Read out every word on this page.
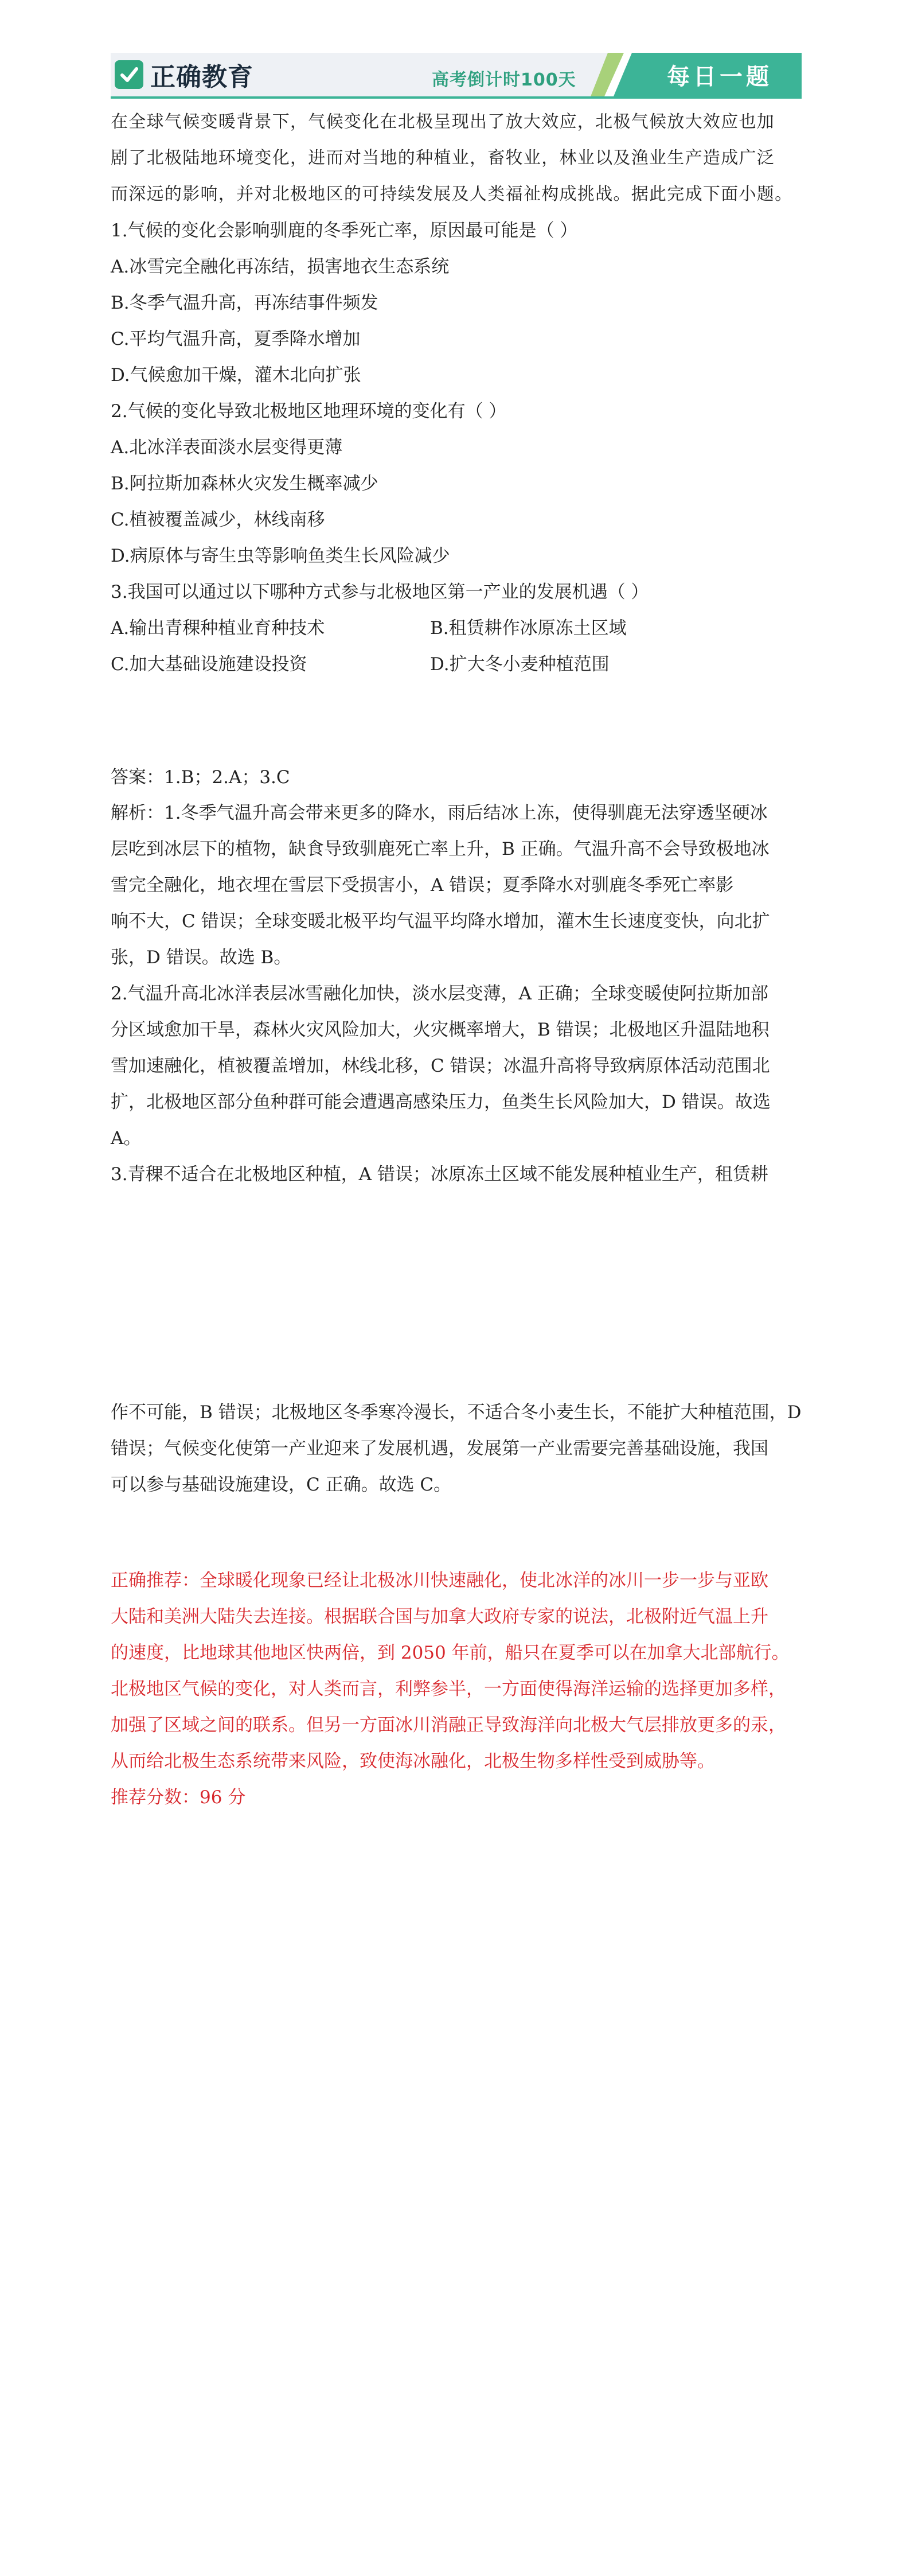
正确教育	高考倒计时100天	每日一题
在全球气候变暖背景下，气候变化在北极呈现出了放大效应，北极气候放大效应也加
剧了北极陆地环境变化，进而对当地的种植业，畜牧业，林业以及渔业生产造成广泛
而深远的影响，并对北极地区的可持续发展及人类福祉构成挑战。据此完成下面小题。
1.气候的变化会影响驯鹿的冬季死亡率，原因最可能是（ ）
A.冰雪完全融化再冻结，损害地衣生态系统
B.冬季气温升高，再冻结事件频发
C.平均气温升高，夏季降水增加
D.气候愈加干燥，灌木北向扩张
2.气候的变化导致北极地区地理环境的变化有（ ）
A.北冰洋表面淡水层变得更薄
B.阿拉斯加森林火灾发生概率减少
C.植被覆盖减少，林线南移
D.病原体与寄生虫等影响鱼类生长风险减少
3.我国可以通过以下哪种方式参与北极地区第一产业的发展机遇（ ）
A.输出青稞种植业育种技术	B.租赁耕作冰原冻土区域
C.加大基础设施建设投资	D.扩大冬小麦种植范围
答案：1.B；2.A；3.C
解析：1.冬季气温升高会带来更多的降水，雨后结冰上冻，使得驯鹿无法穿透坚硬冰
层吃到冰层下的植物，缺食导致驯鹿死亡率上升，B 正确。气温升高不会导致极地冰
雪完全融化，地衣埋在雪层下受损害小，A 错误；夏季降水对驯鹿冬季死亡率影
响不大，C 错误；全球变暖北极平均气温平均降水增加，灌木生长速度变快，向北扩
张，D 错误。故选 B。
2.气温升高北冰洋表层冰雪融化加快，淡水层变薄，A 正确；全球变暖使阿拉斯加部
分区域愈加干旱，森林火灾风险加大，火灾概率增大，B 错误；北极地区升温陆地积
雪加速融化，植被覆盖增加，林线北移，C 错误；冰温升高将导致病原体活动范围北
扩，北极地区部分鱼种群可能会遭遇高感染压力，鱼类生长风险加大，D 错误。故选
A。
3.青稞不适合在北极地区种植，A 错误；冰原冻土区域不能发展种植业生产，租赁耕
作不可能，B 错误；北极地区冬季寒冷漫长，不适合冬小麦生长，不能扩大种植范围，D
错误；气候变化使第一产业迎来了发展机遇，发展第一产业需要完善基础设施，我国
可以参与基础设施建设，C 正确。故选 C。
正确推荐：全球暖化现象已经让北极冰川快速融化，使北冰洋的冰川一步一步与亚欧
大陆和美洲大陆失去连接。根据联合国与加拿大政府专家的说法，北极附近气温上升
的速度，比地球其他地区快两倍，到 2050 年前，船只在夏季可以在加拿大北部航行。
北极地区气候的变化，对人类而言，利弊参半，一方面使得海洋运输的选择更加多样，
加强了区域之间的联系。但另一方面冰川消融正导致海洋向北极大气层排放更多的汞，
从而给北极生态系统带来风险，致使海冰融化，北极生物多样性受到威胁等。
推荐分数：96 分
